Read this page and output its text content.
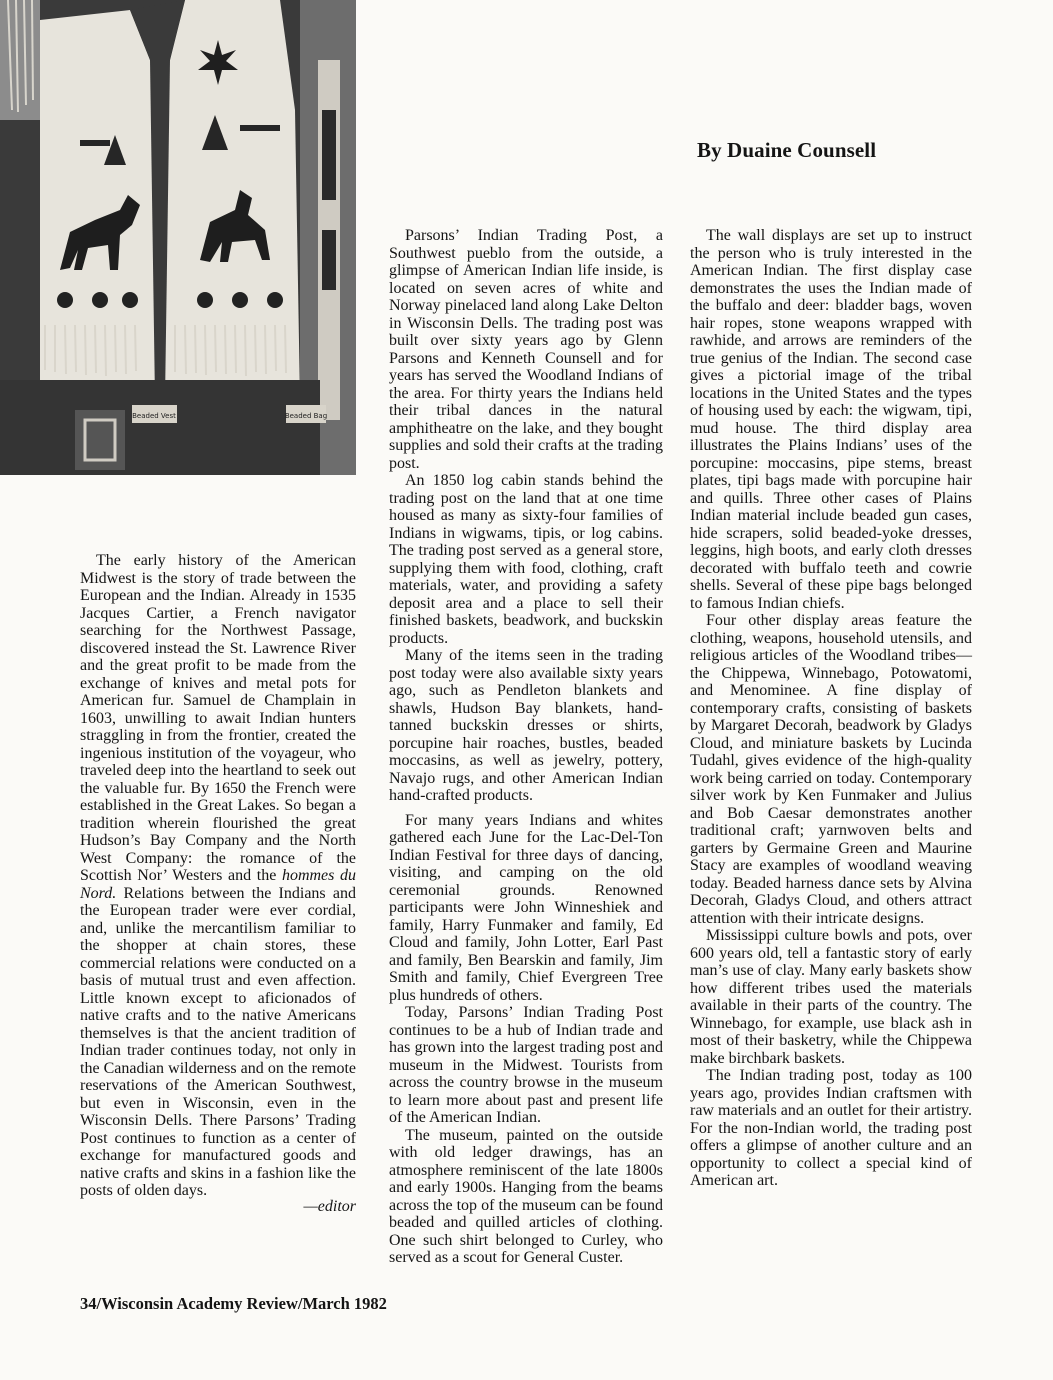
Beaded Vest	Beaded Bag
By Duaine Counsell

The early history of the American Midwest is the story of trade between the European and the Indian. Already in 1535 Jacques Cartier, a French navigator searching for the Northwest Passage, discovered instead the St. Lawrence River and the great profit to be made from the exchange of knives and metal pots for American fur. Samuel de Champlain in 1603, unwilling to await Indian hunters straggling in from the frontier, created the ingenious institution of the voyageur, who traveled deep into the heartland to seek out the valuable fur. By 1650 the French were established in the Great Lakes. So began a tradition wherein flourished the great Hudson’s Bay Company and the North West Company: the romance of the Scottish Nor’ Westers and the hommes du Nord. Relations between the Indians and the European trader were ever cordial, and, unlike the mercantilism familiar to the shopper at chain stores, these commercial relations were conducted on a basis of mutual trust and even affection. Little known except to aficionados of native crafts and to the native Americans themselves is that the ancient tradition of Indian trader continues today, not only in the Canadian wilderness and on the remote reservations of the American Southwest, but even in Wisconsin, even in the Wisconsin Dells. There Parsons’ Trading Post continues to function as a center of exchange for manufactured goods and native crafts and skins in a fashion like the posts of olden days.

—editor

Parsons’ Indian Trading Post, a Southwest pueblo from the outside, a glimpse of American Indian life inside, is located on seven acres of white and Norway pinelaced land along Lake Delton in Wisconsin Dells. The trading post was built over sixty years ago by Glenn Parsons and Kenneth Counsell and for years has served the Woodland Indians of the area. For thirty years the Indians held their tribal dances in the natural amphitheatre on the lake, and they bought supplies and sold their crafts at the trading post.

An 1850 log cabin stands behind the trading post on the land that at one time housed as many as sixty-four families of Indians in wigwams, tipis, or log cabins. The trading post served as a general store, supplying them with food, clothing, craft materials, water, and providing a safety deposit area and a place to sell their finished baskets, beadwork, and buckskin products.

Many of the items seen in the trading post today were also available sixty years ago, such as Pendleton blankets and shawls, Hudson Bay blankets, hand-tanned buckskin dresses or shirts, porcupine hair roaches, bustles, beaded moccasins, as well as jewelry, pottery, Navajo rugs, and other American Indian hand-crafted products.

For many years Indians and whites gathered each June for the Lac-Del-Ton Indian Festival for three days of dancing, visiting, and camping on the old ceremonial grounds. Renowned participants were John Winneshiek and family, Harry Funmaker and family, Ed Cloud and family, John Lotter, Earl Past and family, Ben Bearskin and family, Jim Smith and family, Chief Evergreen Tree plus hundreds of others.

Today, Parsons’ Indian Trading Post continues to be a hub of Indian trade and has grown into the largest trading post and museum in the Midwest. Tourists from across the country browse in the museum to learn more about past and present life of the American Indian.

The museum, painted on the outside with old ledger drawings, has an atmosphere reminiscent of the late 1800s and early 1900s. Hanging from the beams across the top of the museum can be found beaded and quilled articles of clothing. One such shirt belonged to Curley, who served as a scout for General Custer.

The wall displays are set up to instruct the person who is truly interested in the American Indian. The first display case demonstrates the uses the Indian made of the buffalo and deer: bladder bags, woven hair ropes, stone weapons wrapped with rawhide, and arrows are reminders of the true genius of the Indian. The second case gives a pictorial image of the tribal locations in the United States and the types of housing used by each: the wigwam, tipi, mud house. The third display area illustrates the Plains Indians’ uses of the porcupine: moccasins, pipe stems, breast plates, tipi bags made with porcupine hair and quills. Three other cases of Plains Indian material include beaded gun cases, hide scrapers, solid beaded-yoke dresses, leggins, high boots, and early cloth dresses decorated with buffalo teeth and cowrie shells. Several of these pipe bags belonged to famous Indian chiefs.

Four other display areas feature the clothing, weapons, household utensils, and religious articles of the Woodland tribes—the Chippewa, Winnebago, Potowatomi, and Menominee. A fine display of contemporary crafts, consisting of baskets by Margaret Decorah, beadwork by Gladys Cloud, and miniature baskets by Lucinda Tudahl, gives evidence of the high-quality work being carried on today. Contemporary silver work by Ken Funmaker and Julius and Bob Caesar demonstrates another traditional craft; yarnwoven belts and garters by Germaine Green and Maurine Stacy are examples of woodland weaving today. Beaded harness dance sets by Alvina Decorah, Gladys Cloud, and others attract attention with their intricate designs.

Mississippi culture bowls and pots, over 600 years old, tell a fantastic story of early man’s use of clay. Many early baskets show how different tribes used the materials available in their parts of the country. The Winnebago, for example, use black ash in most of their basketry, while the Chippewa make birchbark baskets.

The Indian trading post, today as 100 years ago, provides Indian craftsmen with raw materials and an outlet for their artistry. For the non-Indian world, the trading post offers a glimpse of another culture and an opportunity to collect a special kind of American art.

34/Wisconsin Academy Review/March 1982
